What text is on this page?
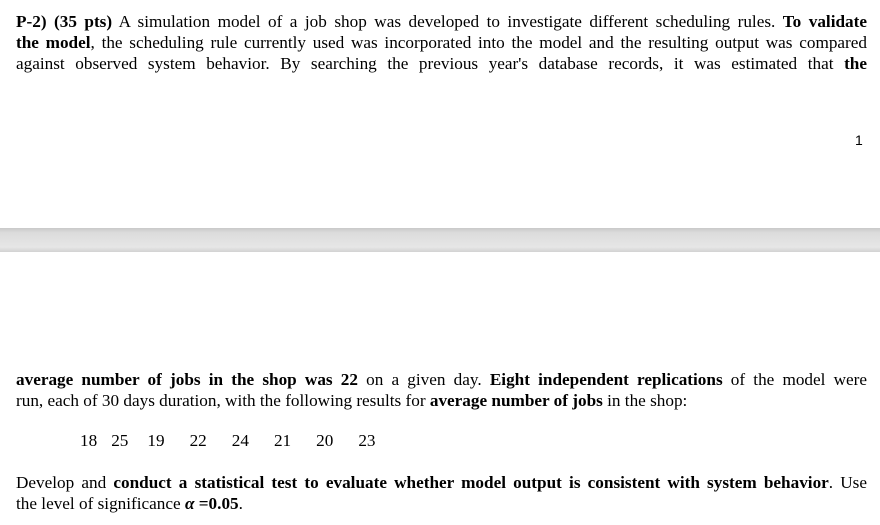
P-2) (35 pts) A simulation model of a job shop was developed to investigate different scheduling rules. To validate
the model, the scheduling rule currently used was incorporated into the model and the resulting output was compared
against observed system behavior. By searching the previous year's database records, it was estimated that the
1
average number of jobs in the shop was 22 on a given day. Eight independent replications of the model were
run, each of 30 days duration, with the following results for average number of jobs in the shop:
18 25 19 22 24 21 20 23
Develop and conduct a statistical test to evaluate whether model output is consistent with system behavior. Use
the level of significance α =0.05.
